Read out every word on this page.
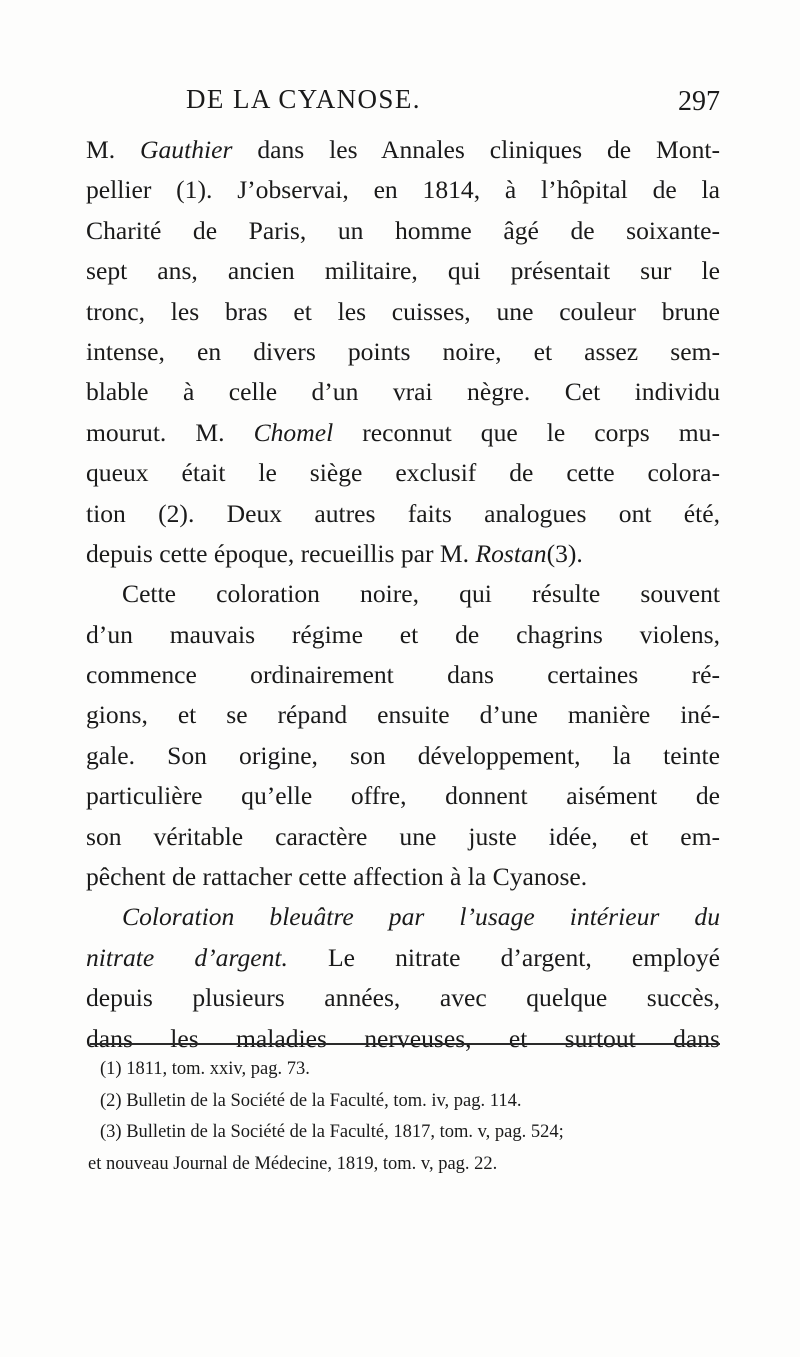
DE LA CYANOSE.	297
M. Gauthier dans les Annales cliniques de Mont-
pellier (1). J’observai, en 1814, à l’hôpital de la
Charité de Paris, un homme âgé de soixante-
sept ans, ancien militaire, qui présentait sur le
tronc, les bras et les cuisses, une couleur brune
intense, en divers points noire, et assez sem-
blable à celle d’un vrai nègre. Cet individu
mourut. M. Chomel reconnut que le corps mu-
queux était le siège exclusif de cette colora-
tion (2). Deux autres faits analogues ont été,
depuis cette époque, recueillis par M. Rostan(3).
Cette coloration noire, qui résulte souvent
d’un mauvais régime et de chagrins violens,
commence ordinairement dans certaines ré-
gions, et se répand ensuite d’une manière iné-
gale. Son origine, son développement, la teinte
particulière qu’elle offre, donnent aisément de
son véritable caractère une juste idée, et em-
pêchent de rattacher cette affection à la Cyanose.
Coloration bleuâtre par l’usage intérieur du
nitrate d’argent. Le nitrate d’argent, employé
depuis plusieurs années, avec quelque succès,
dans les maladies nerveuses, et surtout dans
(1) 1811, tom. xxiv, pag. 73.
(2) Bulletin de la Société de la Faculté, tom. iv, pag. 114.
(3) Bulletin de la Société de la Faculté, 1817, tom. v, pag. 524;
et nouveau Journal de Médecine, 1819, tom. v, pag. 22.
